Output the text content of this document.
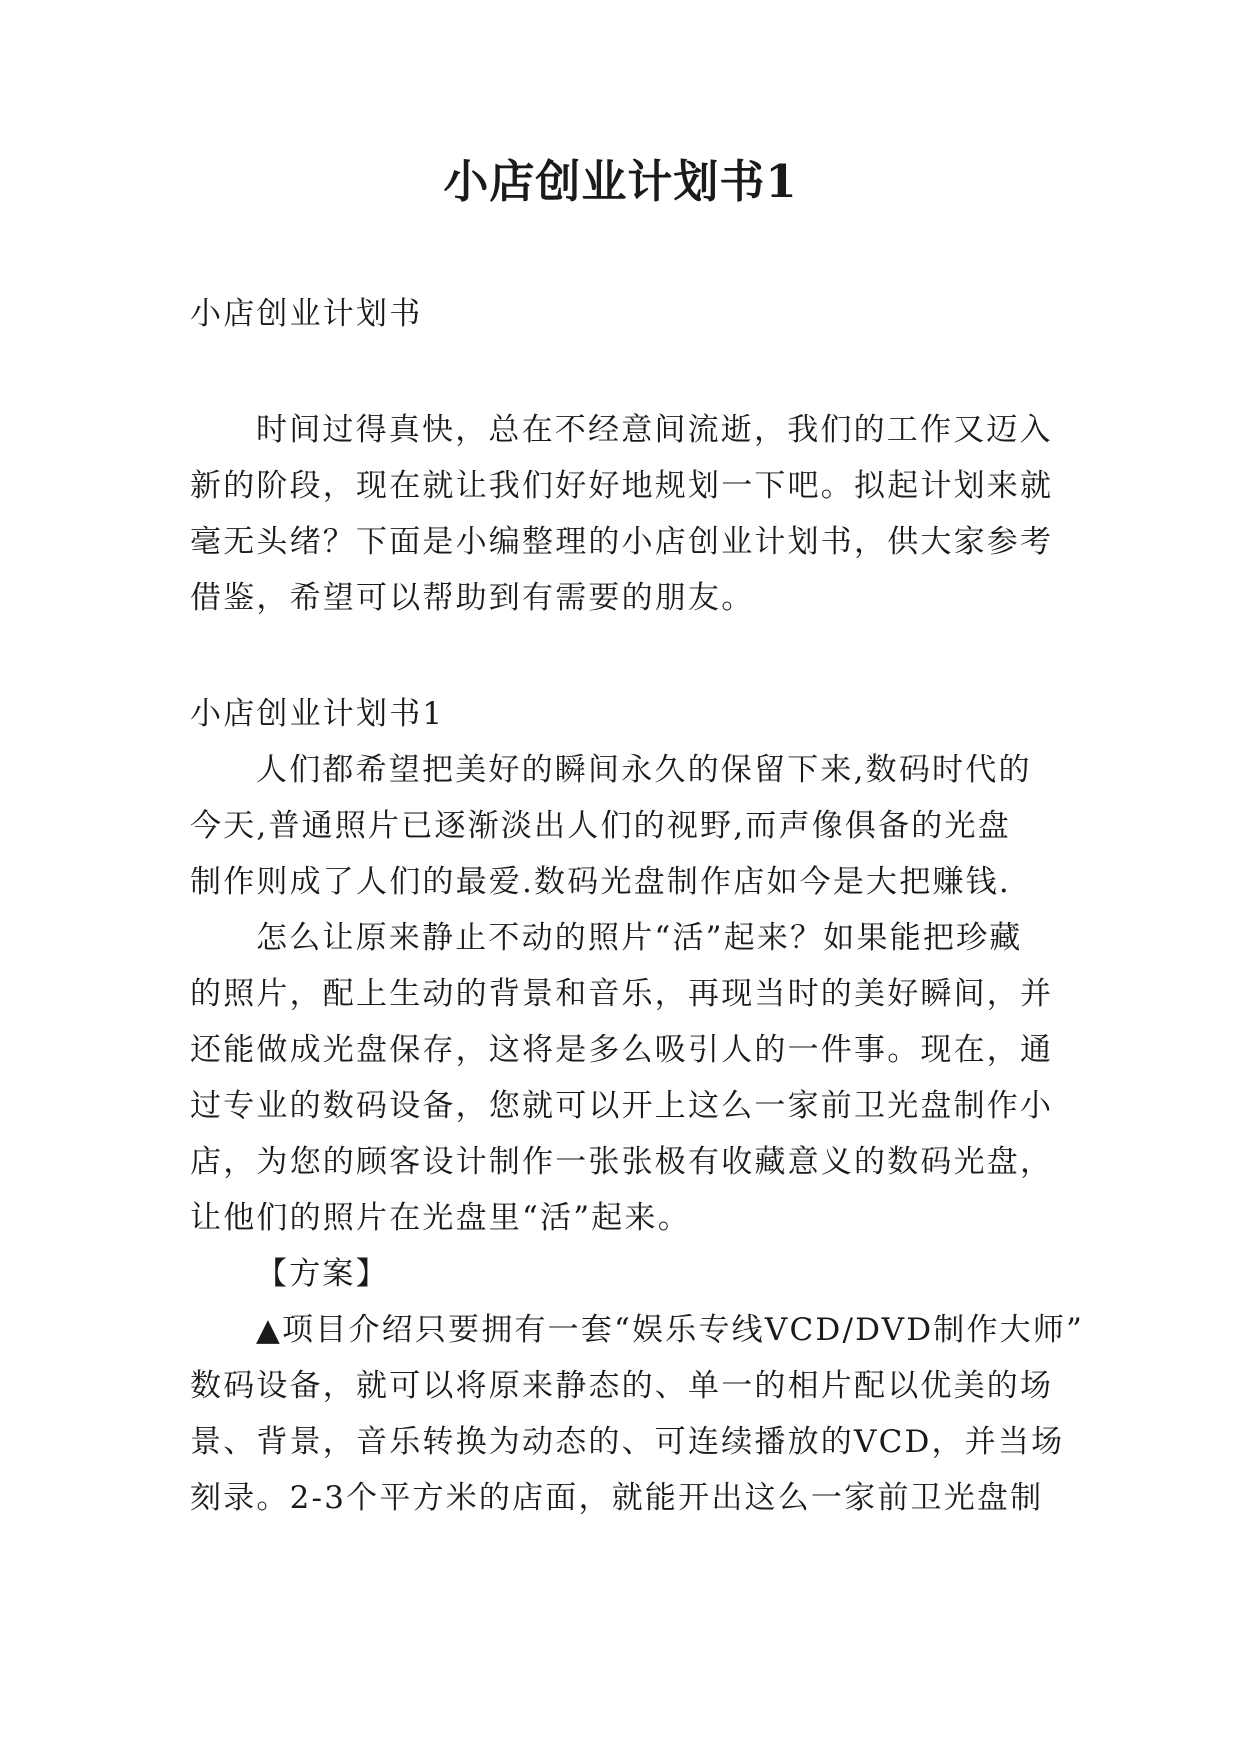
小店创业计划书1
小店创业计划书
时间过得真快，总在不经意间流逝，我们的工作又迈入
新的阶段，现在就让我们好好地规划一下吧。拟起计划来就
毫无头绪？下面是小编整理的小店创业计划书，供大家参考
借鉴，希望可以帮助到有需要的朋友。
小店创业计划书1
人们都希望把美好的瞬间永久的保留下来,数码时代的
今天,普通照片已逐渐淡出人们的视野,而声像俱备的光盘
制作则成了人们的最爱.数码光盘制作店如今是大把赚钱.
怎么让原来静止不动的照片“活”起来？如果能把珍藏
的照片，配上生动的背景和音乐，再现当时的美好瞬间，并
还能做成光盘保存，这将是多么吸引人的一件事。现在，通
过专业的数码设备，您就可以开上这么一家前卫光盘制作小
店，为您的顾客设计制作一张张极有收藏意义的数码光盘，
让他们的照片在光盘里“活”起来。
【方案】
▲项目介绍只要拥有一套“娱乐专线VCD/DVD制作大师”
数码设备，就可以将原来静态的、单一的相片配以优美的场
景、背景，音乐转换为动态的、可连续播放的VCD，并当场
刻录。2-3个平方米的店面，就能开出这么一家前卫光盘制
